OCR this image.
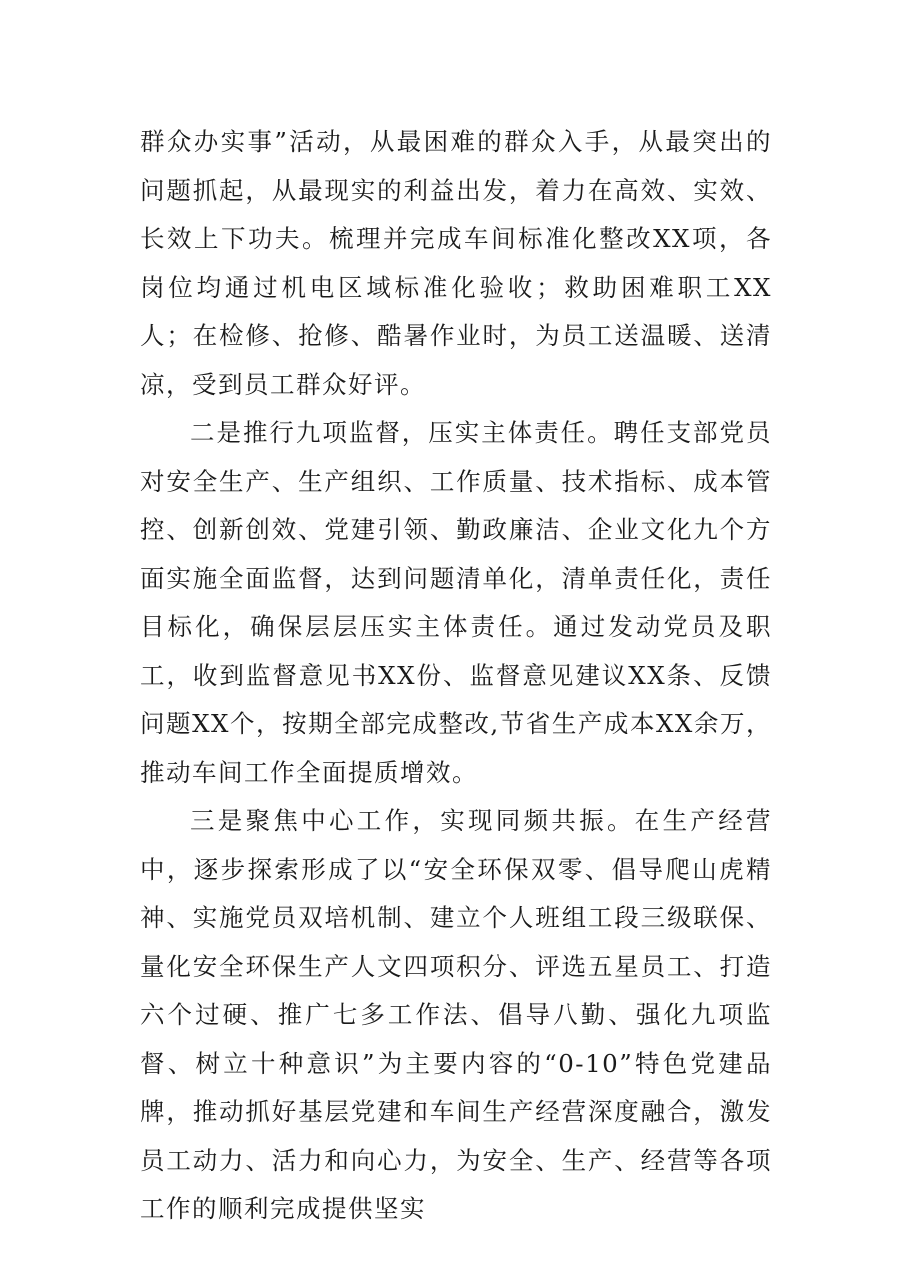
群众办实事”活动，从最困难的群众入手，从最突出的问题抓起，从最现实的利益出发，着力在高效、实效、长效上下功夫。梳理并完成车间标准化整改XX项，各岗位均通过机电区域标准化验收；救助困难职工XX人；在检修、抢修、酷暑作业时，为员工送温暖、送清凉，受到员工群众好评。

二是推行九项监督，压实主体责任。聘任支部党员对安全生产、生产组织、工作质量、技术指标、成本管控、创新创效、党建引领、勤政廉洁、企业文化九个方面实施全面监督，达到问题清单化，清单责任化，责任目标化，确保层层压实主体责任。通过发动党员及职工，收到监督意见书XX份、监督意见建议XX条、反馈问题XX个，按期全部完成整改,节省生产成本XX余万，推动车间工作全面提质增效。

三是聚焦中心工作，实现同频共振。在生产经营中，逐步探索形成了以“安全环保双零、倡导爬山虎精神、实施党员双培机制、建立个人班组工段三级联保、量化安全环保生产人文四项积分、评选五星员工、打造六个过硬、推广七多工作法、倡导八勤、强化九项监督、树立十种意识”为主要内容的“0-10”特色党建品牌，推动抓好基层党建和车间生产经营深度融合，激发员工动力、活力和向心力，为安全、生产、经营等各项工作的顺利完成提供坚实
